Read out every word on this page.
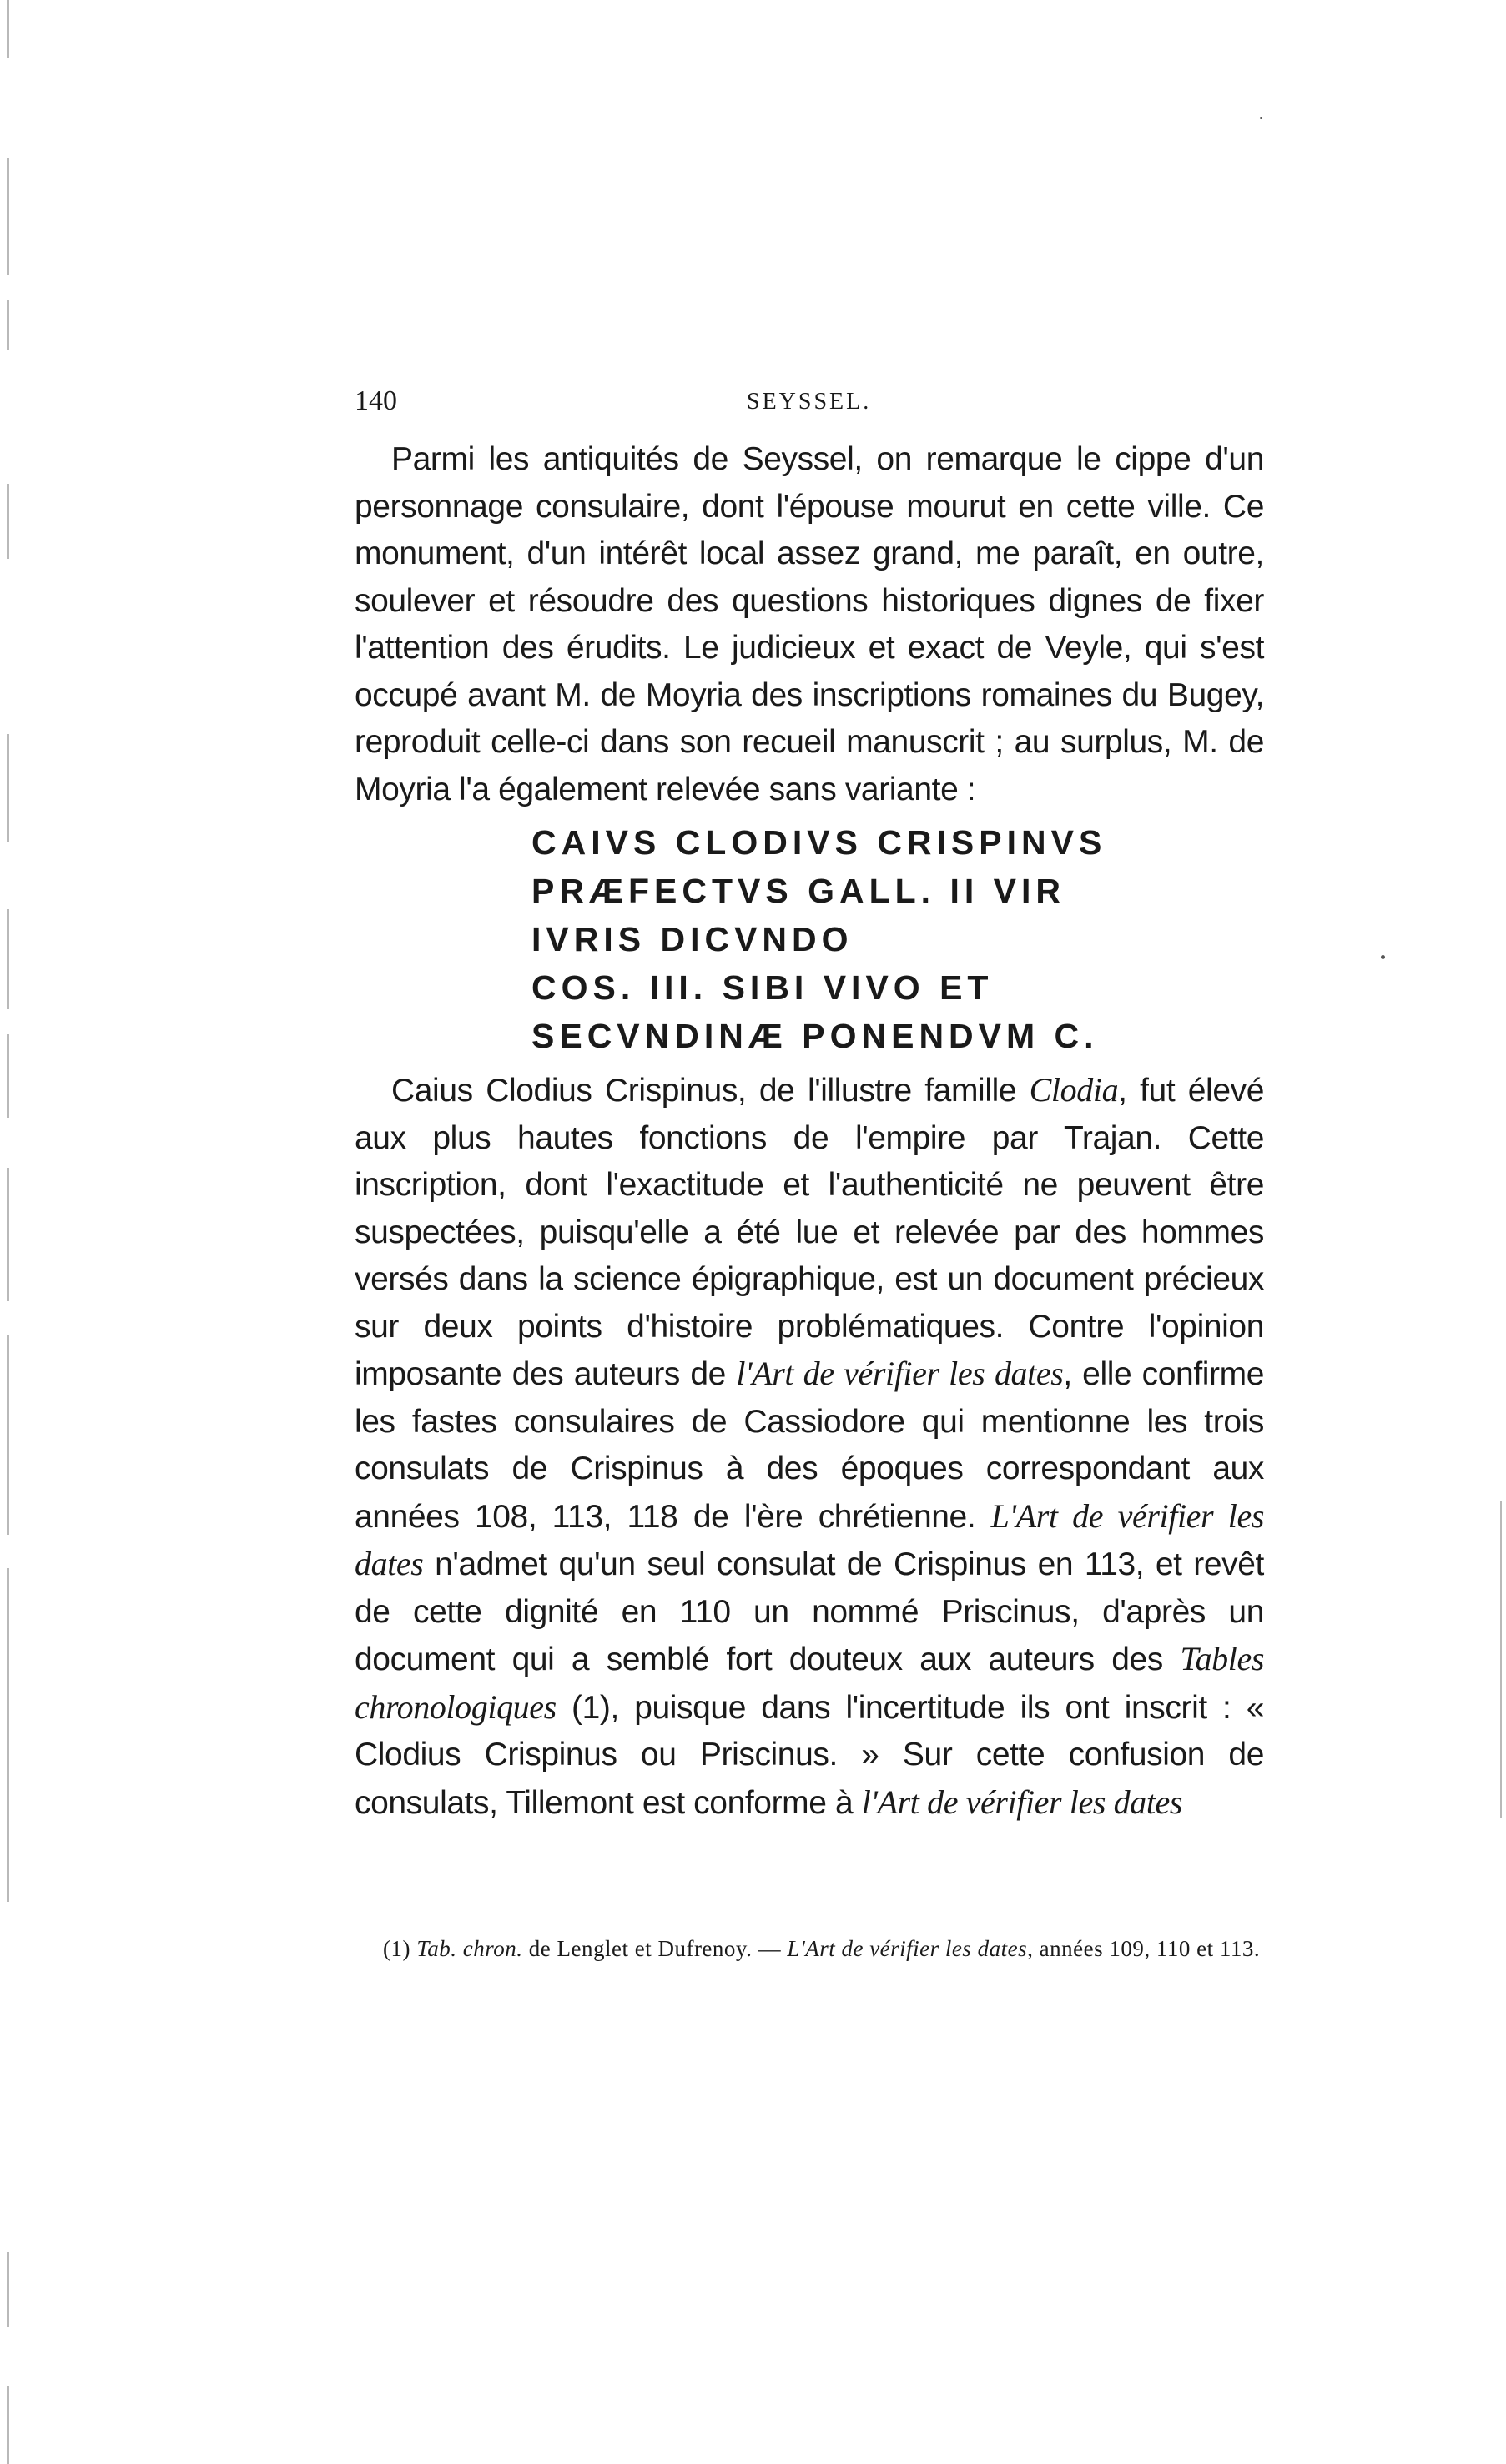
140	SEYSSEL.

Parmi les antiquités de Seyssel, on remarque le cippe d'un personnage consulaire, dont l'épouse mourut en cette ville. Ce monument, d'un intérêt local assez grand, me paraît, en outre, soulever et résoudre des questions historiques dignes de fixer l'attention des érudits. Le judicieux et exact de Veyle, qui s'est occupé avant M. de Moyria des inscriptions romaines du Bugey, reproduit celle-ci dans son recueil manuscrit ; au surplus, M. de Moyria l'a également relevée sans variante :

CAIVS CLODIVS CRISPINVS
PRÆFECTVS GALL. II VIR
IVRIS DICVNDO
COS. III. SIBI VIVO ET
SECVNDINÆ PONENDVM C.

Caius Clodius Crispinus, de l'illustre famille Clodia, fut élevé aux plus hautes fonctions de l'empire par Trajan. Cette inscription, dont l'exactitude et l'authenticité ne peuvent être suspectées, puisqu'elle a été lue et relevée par des hommes versés dans la science épigraphique, est un document précieux sur deux points d'histoire problématiques. Contre l'opinion imposante des auteurs de l'Art de vérifier les dates, elle confirme les fastes consulaires de Cassiodore qui mentionne les trois consulats de Crispinus à des époques correspondant aux années 108, 113, 118 de l'ère chrétienne. L'Art de vérifier les dates n'admet qu'un seul consulat de Crispinus en 113, et revêt de cette dignité en 110 un nommé Priscinus, d'après un document qui a semblé fort douteux aux auteurs des Tables chronologiques (1), puisque dans l'incertitude ils ont inscrit : « Clodius Crispinus ou Priscinus. » Sur cette confusion de consulats, Tillemont est conforme à l'Art de vérifier les dates

(1) Tab. chron. de Lenglet et Dufrenoy. — L'Art de vérifier les dates, années 109, 110 et 113.
